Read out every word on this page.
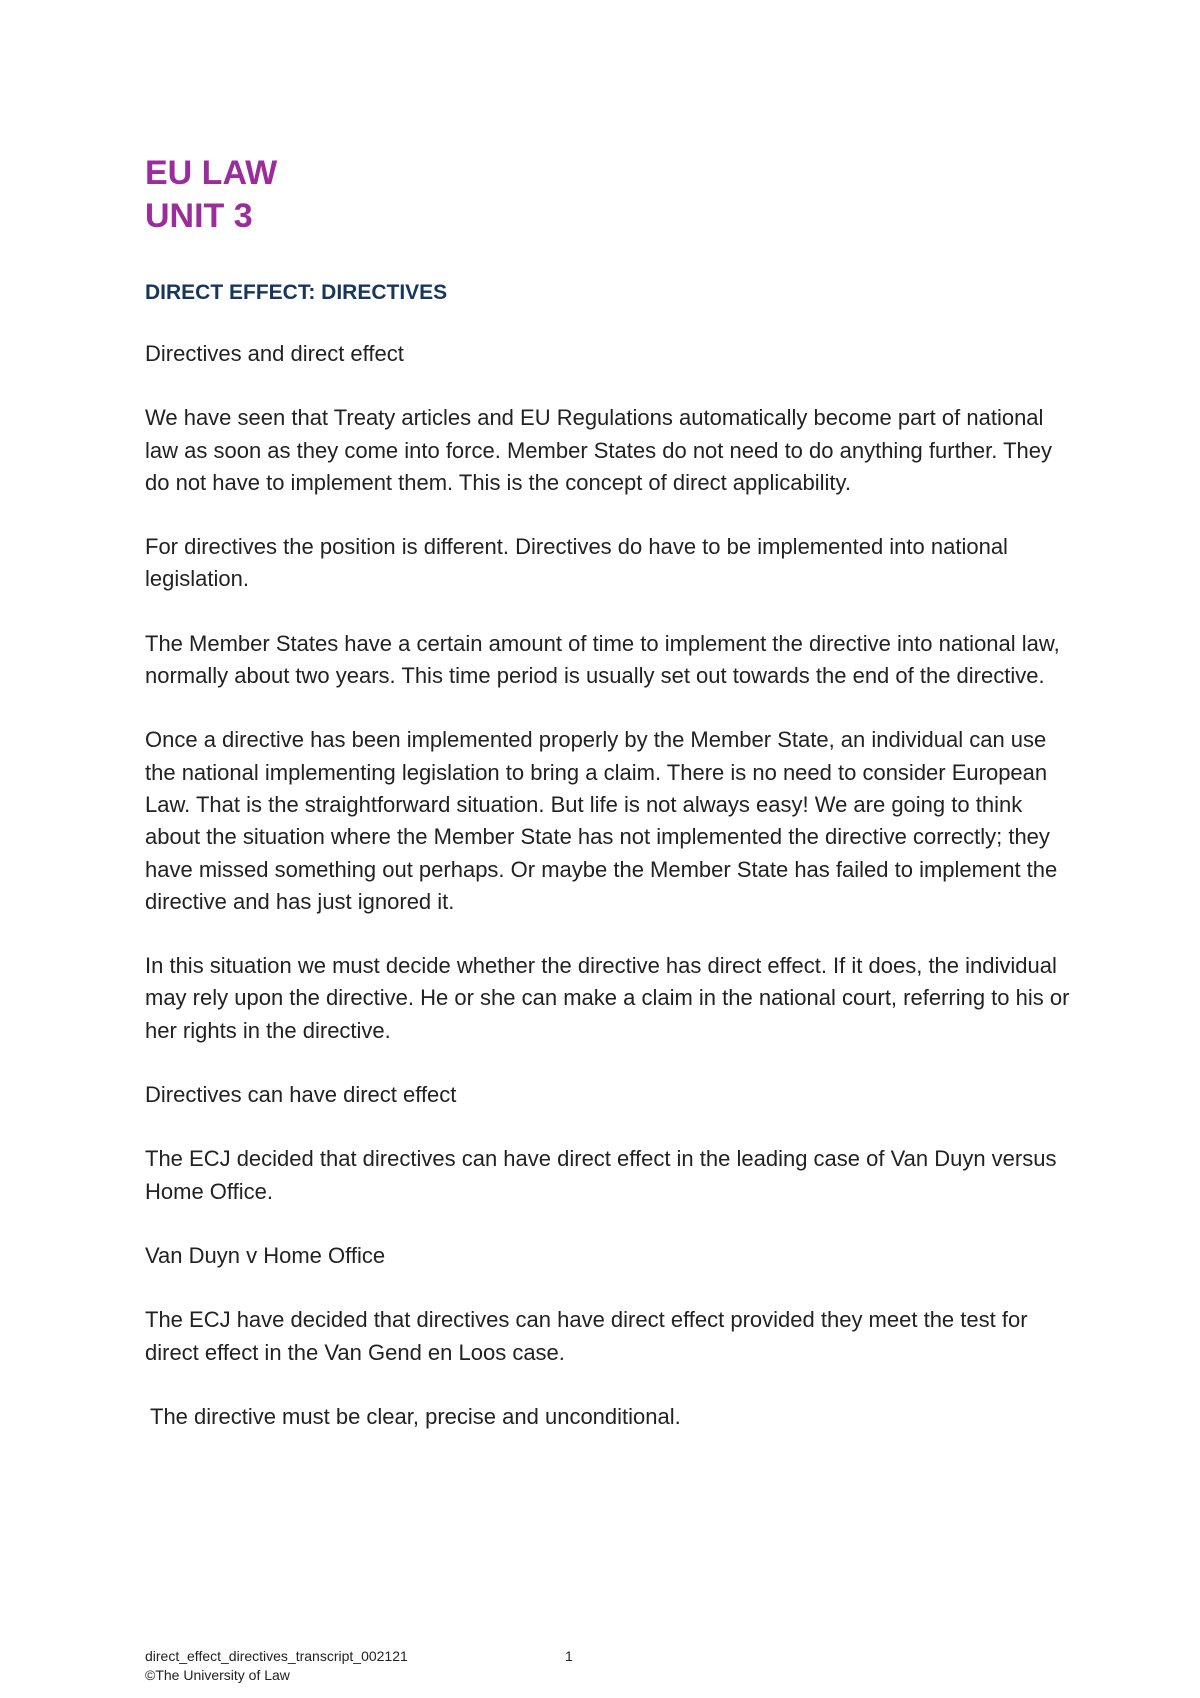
EU LAW

UNIT 3

DIRECT EFFECT: DIRECTIVES

Directives and direct effect

We have seen that Treaty articles and EU Regulations automatically become part of national law as soon as they come into force. Member States do not need to do anything further. They do not have to implement them. This is the concept of direct applicability.

For directives the position is different. Directives do have to be implemented into national legislation.

The Member States have a certain amount of time to implement the directive into national law, normally about two years. This time period is usually set out towards the end of the directive.

Once a directive has been implemented properly by the Member State, an individual can use the national implementing legislation to bring a claim. There is no need to consider European Law. That is the straightforward situation. But life is not always easy! We are going to think about the situation where the Member State has not implemented the directive correctly; they have missed something out perhaps. Or maybe the Member State has failed to implement the directive and has just ignored it.

In this situation we must decide whether the directive has direct effect. If it does, the individual may rely upon the directive. He or she can make a claim in the national court, referring to his or her rights in the directive.

Directives can have direct effect

The ECJ decided that directives can have direct effect in the leading case of Van Duyn versus Home Office.

Van Duyn v Home Office

The ECJ have decided that directives can have direct effect provided they meet the test for direct effect in the Van Gend en Loos case.

The directive must be clear, precise and unconditional.

direct_effect_directives_transcript_002121	1
©The University of Law
